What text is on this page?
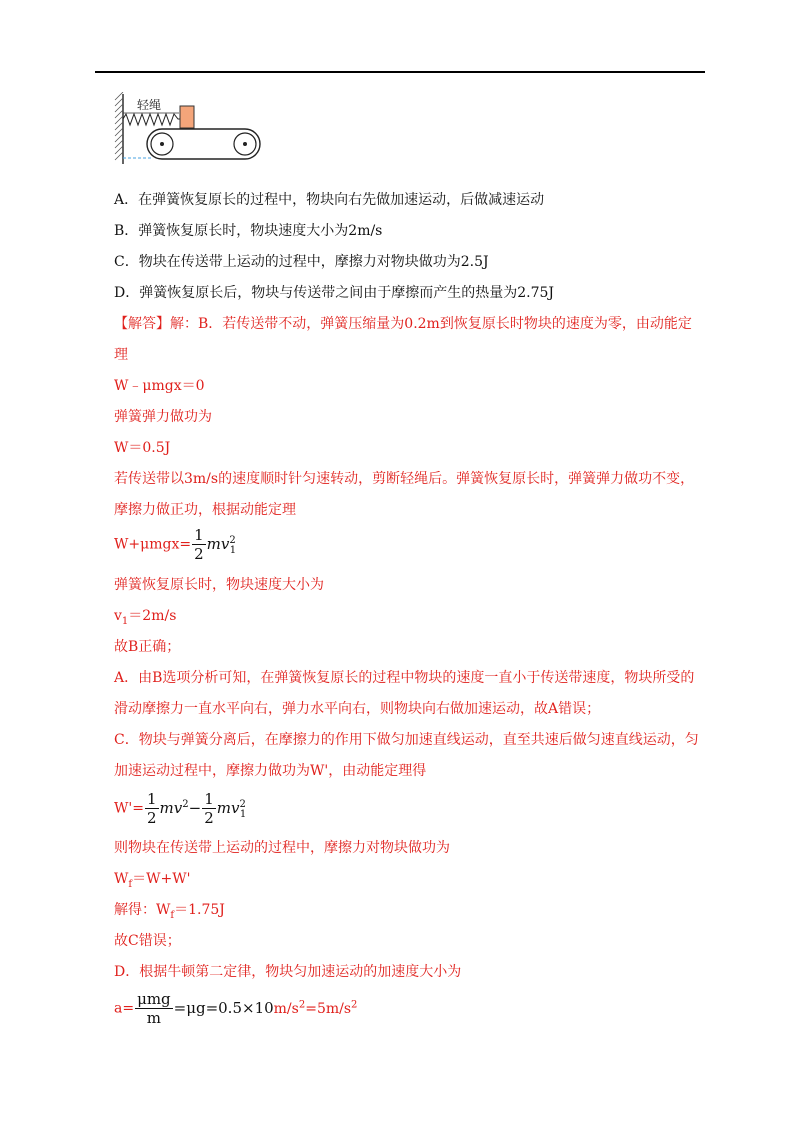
轻绳
A．在弹簧恢复原长的过程中，物块向右先做加速运动，后做减速运动
B．弹簧恢复原长时，物块速度大小为2m/s
C．物块在传送带上运动的过程中，摩擦力对物块做功为2.5J
D．弹簧恢复原长后，物块与传送带之间由于摩擦而产生的热量为2.75J
【解答】解：B．若传送带不动，弹簧压缩量为0.2m到恢复原长时物块的速度为零，由动能定
理
W﹣μmgx＝0
弹簧弹力做功为
W＝0.5J
若传送带以3m/s的速度顺时针匀速转动，剪断轻绳后。弹簧恢复原长时，弹簧弹力做功不变，
摩擦力做正功，根据动能定理
$W+\mu mgx= \frac{1}{2} mv^2_1$
弹簧恢复原长时，物块速度大小为
$v_1=2m/s$
故B正确；
A．由B选项分析可知，在弹簧恢复原长的过程中物块的速度一直小于传送带速度，物块所受的
滑动摩擦力一直水平向右，弹力水平向右，则物块向右做加速运动，故A错误；
C．物块与弹簧分离后，在摩擦力的作用下做匀加速直线运动，直至共速后做匀速直线运动，匀
加速运动过程中，摩擦力做功为W'，由动能定理得
$W'= \frac{1}{2} mv^2- \frac{1}{2} mv^2_1$
则物块在传送带上运动的过程中，摩擦力对物块做功为
$W_f=W+W'$
解得：$W_f=1.75J$
故C错误；
D．根据牛顿第二定律，物块匀加速运动的加速度大小为
$a= \frac{\text{μmg}}{m} =\mu g=0.5\times 10m/s^2=5m/s^2$
